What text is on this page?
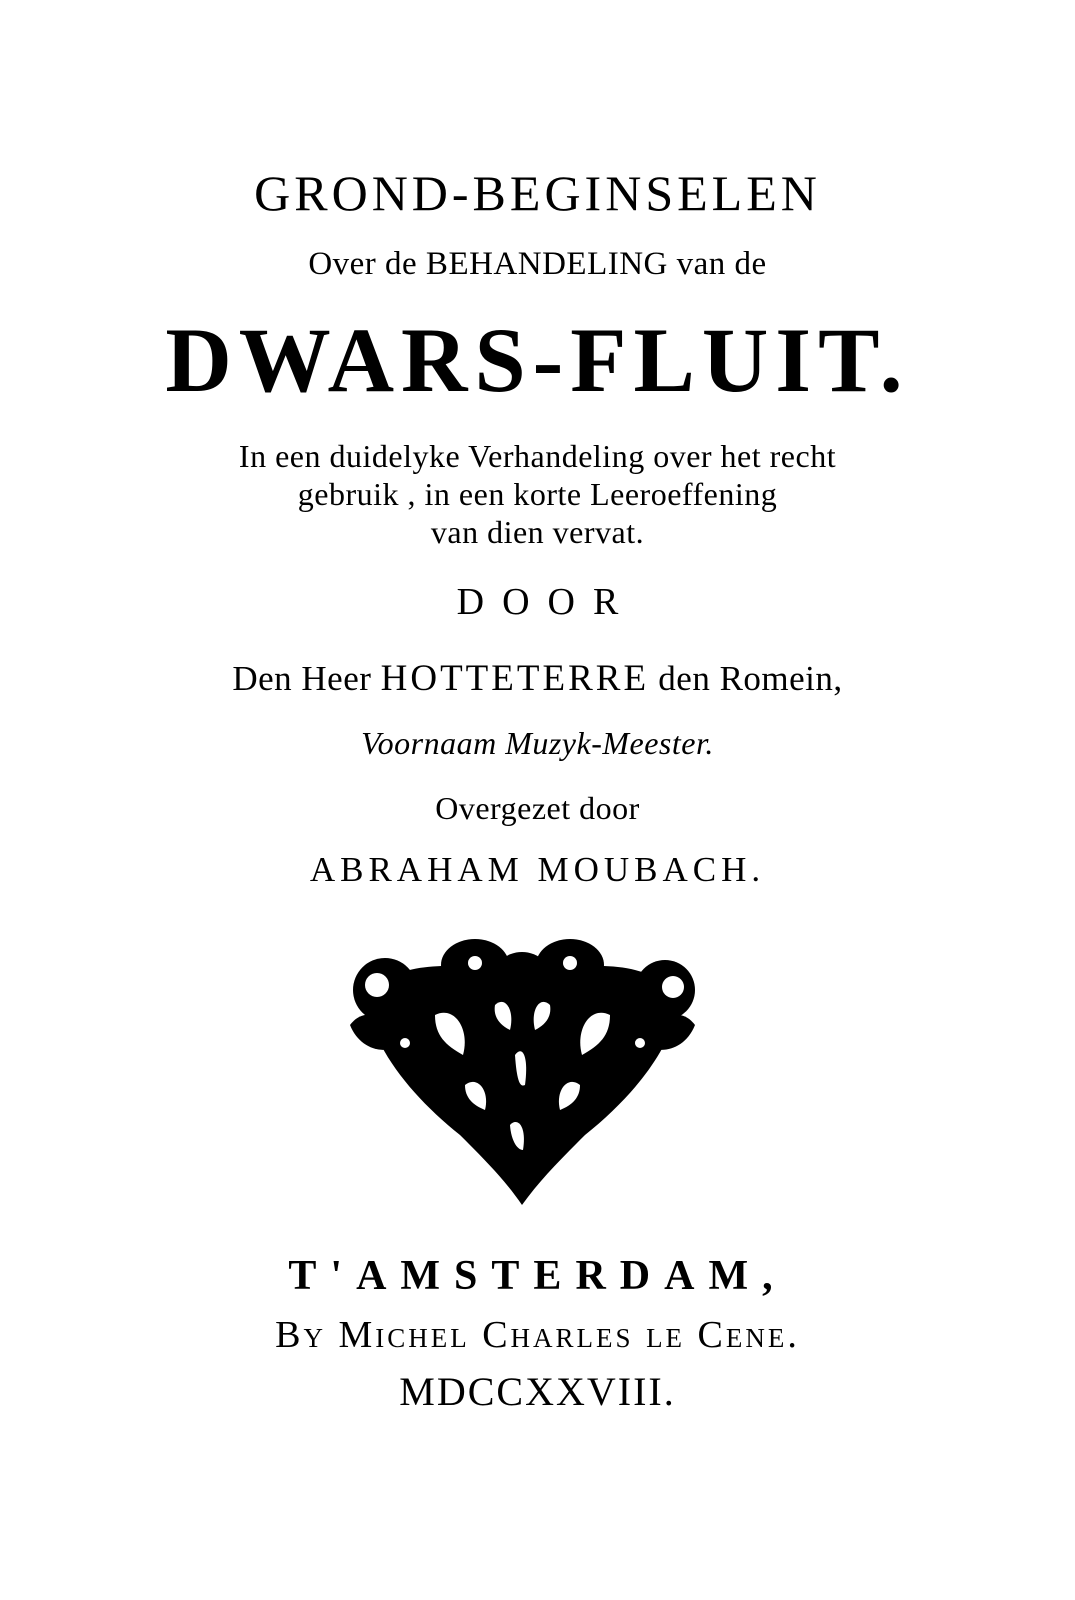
GROND-BEGINSELEN
Over de BEHANDELING van de
DWARS-FLUIT.
In een duidelyke Verhandeling over het recht
gebruik , in een korte Leeroeffening
van dien vervat.
DOOR
Den Heer HOTTETERRE den Romein,
Voornaam Muzyk-Meester.
Overgezet door
ABRAHAM MOUBACH.
T'AMSTERDAM,
By Michel Charles le Cene.
MDCCXXVIII.
